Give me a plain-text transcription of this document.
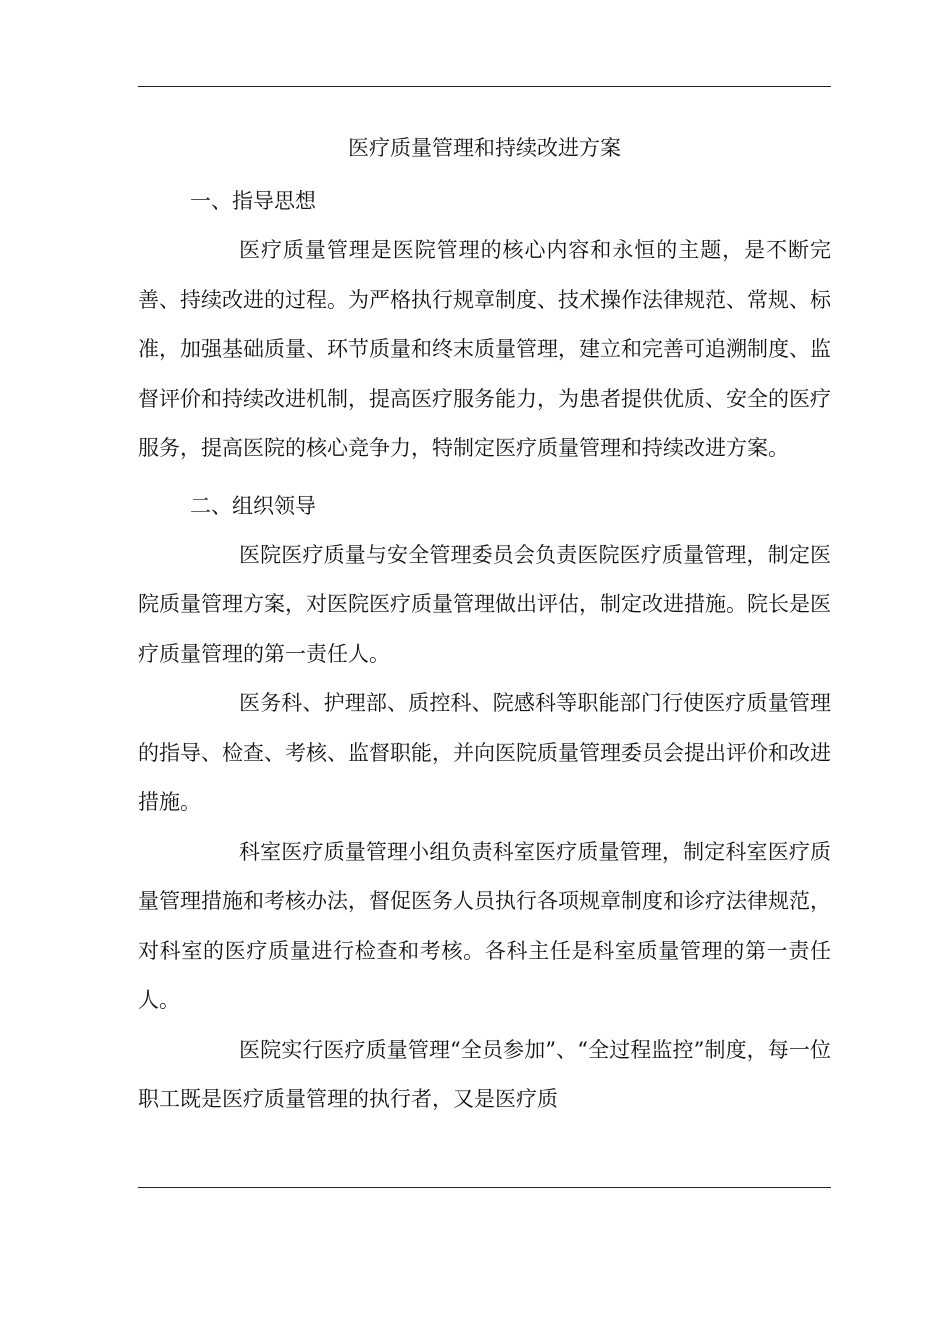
医疗质量管理和持续改进方案
一、指导思想

医疗质量管理是医院管理的核心内容和永恒的主题，是不断完善、持续改进的过程。为严格执行规章制度、技术操作法律规范、常规、标准，加强基础质量、环节质量和终末质量管理，建立和完善可追溯制度、监督评价和持续改进机制，提高医疗服务能力，为患者提供优质、安全的医疗服务，提高医院的核心竞争力，特制定医疗质量管理和持续改进方案。

二、组织领导

医院医疗质量与安全管理委员会负责医院医疗质量管理，制定医院质量管理方案，对医院医疗质量管理做出评估，制定改进措施。院长是医疗质量管理的第一责任人。

医务科、护理部、质控科、院感科等职能部门行使医疗质量管理的指导、检查、考核、监督职能，并向医院质量管理委员会提出评价和改进措施。

科室医疗质量管理小组负责科室医疗质量管理，制定科室医疗质量管理措施和考核办法，督促医务人员执行各项规章制度和诊疗法律规范，对科室的医疗质量进行检查和考核。各科主任是科室质量管理的第一责任人。

医院实行医疗质量管理“全员参加”、“全过程监控”制度，每一位职工既是医疗质量管理的执行者，又是医疗质
